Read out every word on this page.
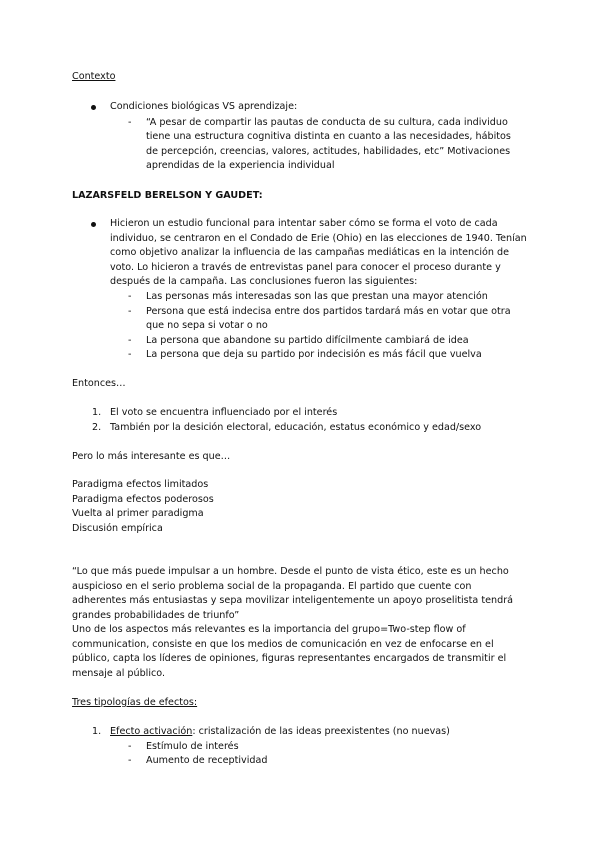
Contexto
Condiciones biológicas VS aprendizaje:
- “A pesar de compartir las pautas de conducta de su cultura, cada individuo
tiene una estructura cognitiva distinta en cuanto a las necesidades, hábitos
de percepción, creencias, valores, actitudes, habilidades, etc” Motivaciones
aprendidas de la experiencia individual
LAZARSFELD BERELSON Y GAUDET:
Hicieron un estudio funcional para intentar saber cómo se forma el voto de cada
individuo, se centraron en el Condado de Erie (Ohio) en las elecciones de 1940. Tenían
como objetivo analizar la influencia de las campañas mediáticas en la intención de
voto. Lo hicieron a través de entrevistas panel para conocer el proceso durante y
después de la campaña. Las conclusiones fueron las siguientes:
- Las personas más interesadas son las que prestan una mayor atención
- Persona que está indecisa entre dos partidos tardará más en votar que otra
que no sepa si votar o no
- La persona que abandone su partido difícilmente cambiará de idea
- La persona que deja su partido por indecisión es más fácil que vuelva
Entonces…
1. El voto se encuentra influenciado por el interés
2. También por la desición electoral, educación, estatus económico y edad/sexo
Pero lo más interesante es que…
Paradigma efectos limitados
Paradigma efectos poderosos
Vuelta al primer paradigma
Discusión empírica
“Lo que más puede impulsar a un hombre. Desde el punto de vista ético, este es un hecho
auspicioso en el serio problema social de la propaganda. El partido que cuente con
adherentes más entusiastas y sepa movilizar inteligentemente un apoyo proselitista tendrá
grandes probabilidades de triunfo”
Uno de los aspectos más relevantes es la importancia del grupo=Two-step flow of
communication, consiste en que los medios de comunicación en vez de enfocarse en el
público, capta los líderes de opiniones, figuras representantes encargados de transmitir el
mensaje al público.
Tres tipologías de efectos:
1. Efecto activación: cristalización de las ideas preexistentes (no nuevas)
- Estímulo de interés
- Aumento de receptividad
